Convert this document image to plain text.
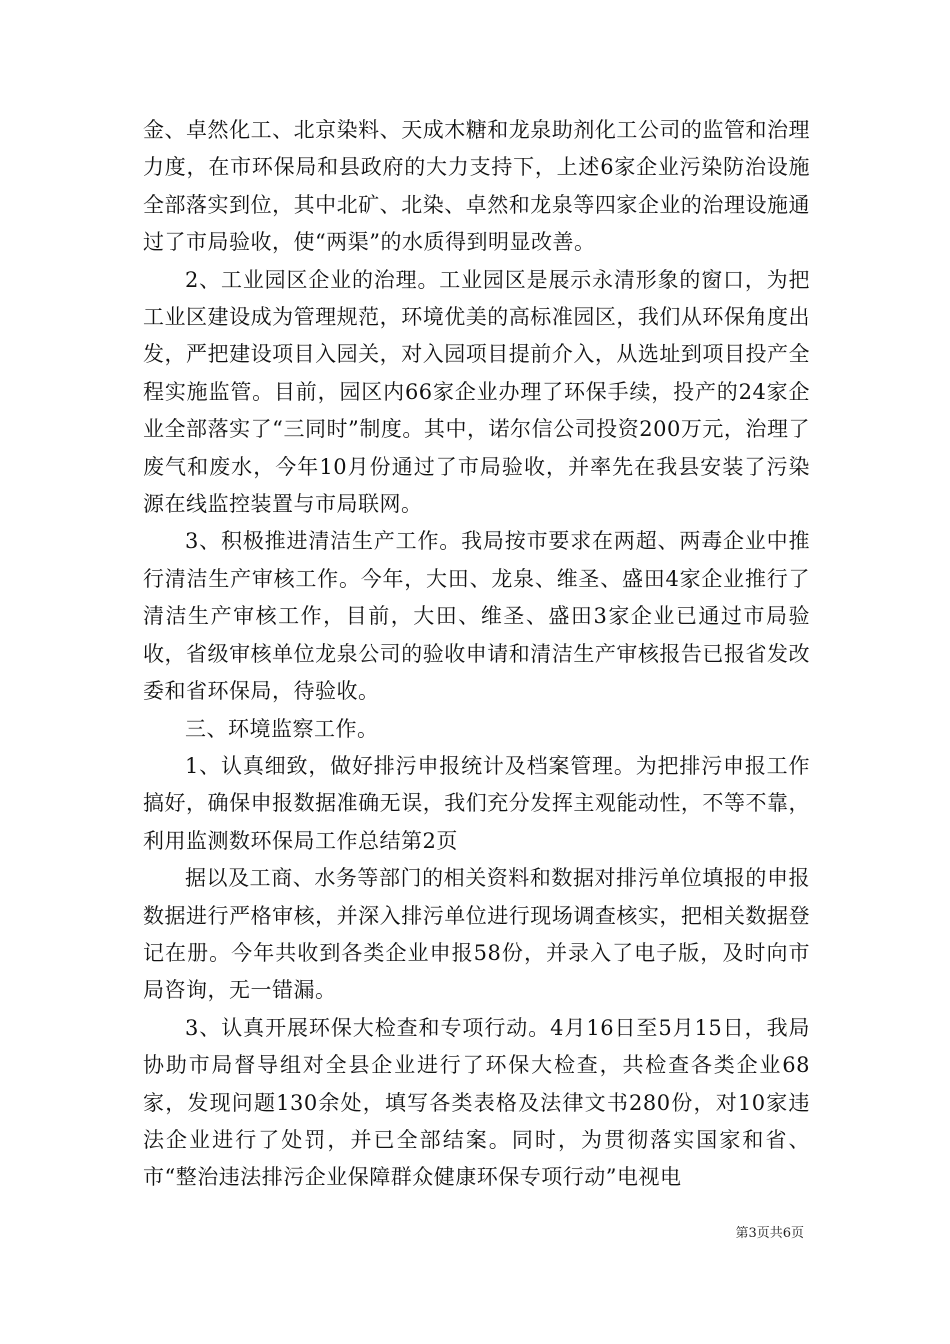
金、卓然化工、北京染料、天成木糖和龙泉助剂化工公司的监管和治理力度，在市环保局和县政府的大力支持下，上述6家企业污染防治设施全部落实到位，其中北矿、北染、卓然和龙泉等四家企业的治理设施通过了市局验收，使“两渠”的水质得到明显改善。

2、工业园区企业的治理。工业园区是展示永清形象的窗口，为把工业区建设成为管理规范，环境优美的高标准园区，我们从环保角度出发，严把建设项目入园关，对入园项目提前介入，从选址到项目投产全程实施监管。目前，园区内66家企业办理了环保手续，投产的24家企业全部落实了“三同时”制度。其中，诺尔信公司投资200万元，治理了废气和废水，今年10月份通过了市局验收，并率先在我县安装了污染源在线监控装置与市局联网。

3、积极推进清洁生产工作。我局按市要求在两超、两毒企业中推行清洁生产审核工作。今年，大田、龙泉、维圣、盛田4家企业推行了清洁生产审核工作，目前，大田、维圣、盛田3家企业已通过市局验收，省级审核单位龙泉公司的验收申请和清洁生产审核报告已报省发改委和省环保局，待验收。

三、环境监察工作。

1、认真细致，做好排污申报统计及档案管理。为把排污申报工作搞好，确保申报数据准确无误，我们充分发挥主观能动性，不等不靠，利用监测数环保局工作总结第2页

据以及工商、水务等部门的相关资料和数据对排污单位填报的申报数据进行严格审核，并深入排污单位进行现场调查核实，把相关数据登记在册。今年共收到各类企业申报58份，并录入了电子版，及时向市局咨询，无一错漏。

3、认真开展环保大检查和专项行动。4月16日至5月15日，我局协助市局督导组对全县企业进行了环保大检查，共检查各类企业68家，发现问题130余处，填写各类表格及法律文书280份，对10家违法企业进行了处罚，并已全部结案。同时，为贯彻落实国家和省、市“整治违法排污企业保障群众健康环保专项行动”电视电

第3页共6页
